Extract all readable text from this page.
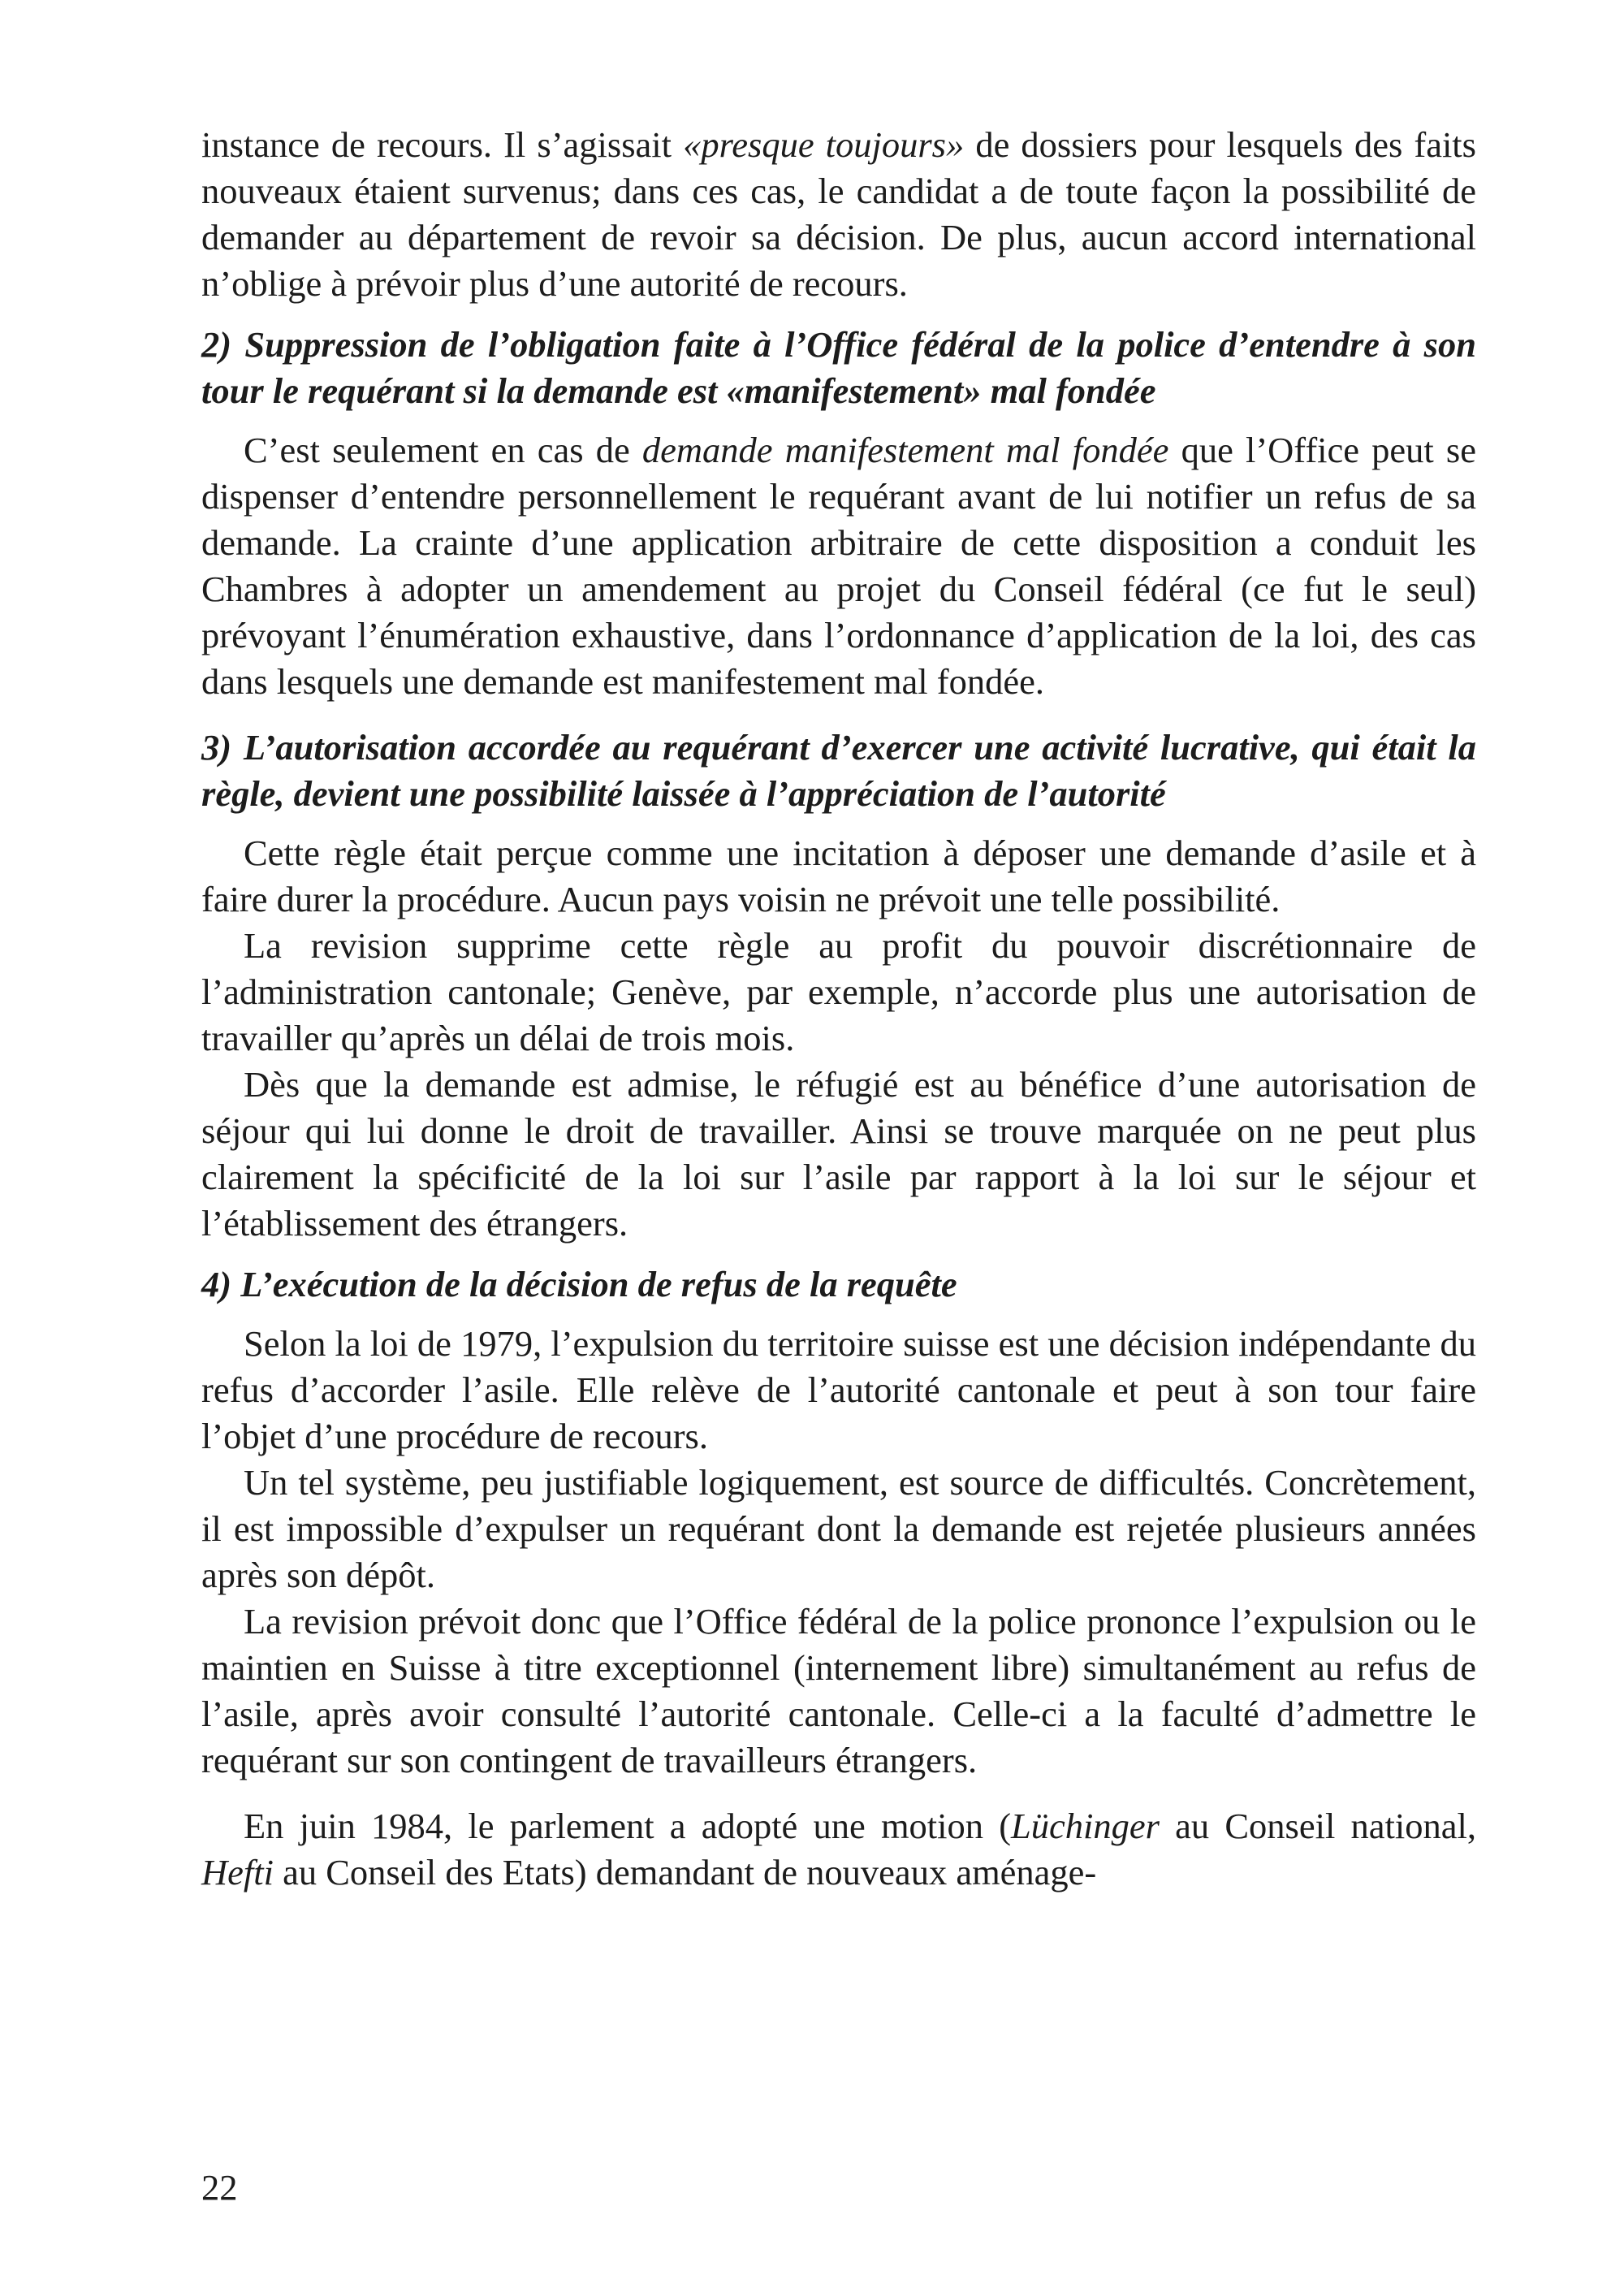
instance de recours. Il s’agissait «presque toujours» de dossiers pour lesquels des faits nouveaux étaient survenus; dans ces cas, le candidat a de toute façon la possibilité de demander au département de revoir sa décision. De plus, aucun accord international n’oblige à prévoir plus d’une autorité de recours.

2) Suppression de l’obligation faite à l’Office fédéral de la police d’entendre à son tour le requérant si la demande est «manifestement» mal fondée

C’est seulement en cas de demande manifestement mal fondée que l’Office peut se dispenser d’entendre personnellement le requérant avant de lui notifier un refus de sa demande. La crainte d’une application arbitraire de cette disposition a conduit les Chambres à adopter un amendement au projet du Conseil fédéral (ce fut le seul) prévoyant l’énumération exhaustive, dans l’ordonnance d’application de la loi, des cas dans lesquels une demande est manifestement mal fondée.

3) L’autorisation accordée au requérant d’exercer une activité lucrative, qui était la règle, devient une possibilité laissée à l’appréciation de l’autorité

Cette règle était perçue comme une incitation à déposer une demande d’asile et à faire durer la procédure. Aucun pays voisin ne prévoit une telle possibilité.

La revision supprime cette règle au profit du pouvoir discrétionnaire de l’administration cantonale; Genève, par exemple, n’accorde plus une autorisation de travailler qu’après un délai de trois mois.

Dès que la demande est admise, le réfugié est au bénéfice d’une autorisation de séjour qui lui donne le droit de travailler. Ainsi se trouve marquée on ne peut plus clairement la spécificité de la loi sur l’asile par rapport à la loi sur le séjour et l’établissement des étrangers.

4) L’exécution de la décision de refus de la requête

Selon la loi de 1979, l’expulsion du territoire suisse est une décision indépendante du refus d’accorder l’asile. Elle relève de l’autorité cantonale et peut à son tour faire l’objet d’une procédure de recours.

Un tel système, peu justifiable logiquement, est source de difficultés. Concrètement, il est impossible d’expulser un requérant dont la demande est rejetée plusieurs années après son dépôt.

La revision prévoit donc que l’Office fédéral de la police prononce l’expulsion ou le maintien en Suisse à titre exceptionnel (internement libre) simultanément au refus de l’asile, après avoir consulté l’autorité cantonale. Celle-ci a la faculté d’admettre le requérant sur son contingent de travailleurs étrangers.

En juin 1984, le parlement a adopté une motion (Lüchinger au Conseil national, Hefti au Conseil des Etats) demandant de nouveaux aménage-

22
